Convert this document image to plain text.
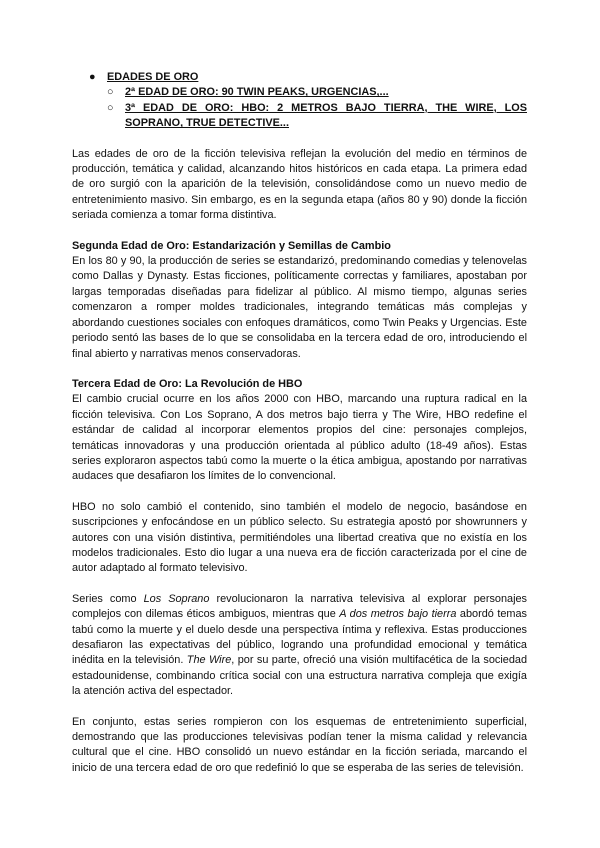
● EDADES DE ORO
○ 2ª EDAD DE ORO: 90 TWIN PEAKS, URGENCIAS,...
○ 3ª EDAD DE ORO: HBO: 2 METROS BAJO TIERRA, THE WIRE, LOS SOPRANO, TRUE DETECTIVE...

Las edades de oro de la ficción televisiva reflejan la evolución del medio en términos de producción, temática y calidad, alcanzando hitos históricos en cada etapa. La primera edad de oro surgió con la aparición de la televisión, consolidándose como un nuevo medio de entretenimiento masivo. Sin embargo, es en la segunda etapa (años 80 y 90) donde la ficción seriada comienza a tomar forma distintiva.

Segunda Edad de Oro: Estandarización y Semillas de Cambio

En los 80 y 90, la producción de series se estandarizó, predominando comedias y telenovelas como Dallas y Dynasty. Estas ficciones, políticamente correctas y familiares, apostaban por largas temporadas diseñadas para fidelizar al público. Al mismo tiempo, algunas series comenzaron a romper moldes tradicionales, integrando temáticas más complejas y abordando cuestiones sociales con enfoques dramáticos, como Twin Peaks y Urgencias. Este periodo sentó las bases de lo que se consolidaba en la tercera edad de oro, introduciendo el final abierto y narrativas menos conservadoras.

Tercera Edad de Oro: La Revolución de HBO

El cambio crucial ocurre en los años 2000 con HBO, marcando una ruptura radical en la ficción televisiva. Con Los Soprano, A dos metros bajo tierra y The Wire, HBO redefine el estándar de calidad al incorporar elementos propios del cine: personajes complejos, temáticas innovadoras y una producción orientada al público adulto (18-49 años). Estas series exploraron aspectos tabú como la muerte o la ética ambigua, apostando por narrativas audaces que desafiaron los límites de lo convencional.

HBO no solo cambió el contenido, sino también el modelo de negocio, basándose en suscripciones y enfocándose en un público selecto. Su estrategia apostó por showrunners y autores con una visión distintiva, permitiéndoles una libertad creativa que no existía en los modelos tradicionales. Esto dio lugar a una nueva era de ficción caracterizada por el cine de autor adaptado al formato televisivo.

Series como Los Soprano revolucionaron la narrativa televisiva al explorar personajes complejos con dilemas éticos ambiguos, mientras que A dos metros bajo tierra abordó temas tabú como la muerte y el duelo desde una perspectiva íntima y reflexiva. Estas producciones desafiaron las expectativas del público, logrando una profundidad emocional y temática inédita en la televisión. The Wire, por su parte, ofreció una visión multifacética de la sociedad estadounidense, combinando crítica social con una estructura narrativa compleja que exigía la atención activa del espectador.

En conjunto, estas series rompieron con los esquemas de entretenimiento superficial, demostrando que las producciones televisivas podían tener la misma calidad y relevancia cultural que el cine. HBO consolidó un nuevo estándar en la ficción seriada, marcando el inicio de una tercera edad de oro que redefinió lo que se esperaba de las series de televisión.
